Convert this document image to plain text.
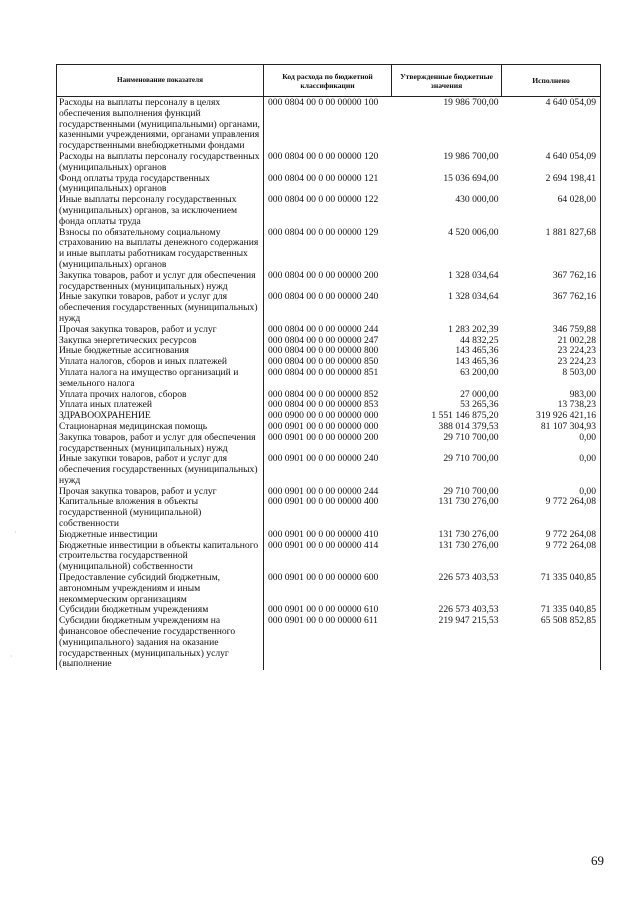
Наименование показателя	Код расхода по бюджетной классификации	Утвержденные бюджетные значения	Исполнено
Расходы на выплаты персоналу в целях обеспечения выполнения функций государственными (муниципальными) органами, казенными учреждениями, органами управления государственными внебюджетными фондами	000 0804 00 0 00 00000 100	19 986 700,00	4 640 054,09
Расходы на выплаты персоналу государственных (муниципальных) органов	000 0804 00 0 00 00000 120	19 986 700,00	4 640 054,09
Фонд оплаты труда государственных (муниципальных) органов	000 0804 00 0 00 00000 121	15 036 694,00	2 694 198,41
Иные выплаты персоналу государственных (муниципальных) органов, за исключением фонда оплаты труда	000 0804 00 0 00 00000 122	430 000,00	64 028,00
Взносы по обязательному социальному страхованию на выплаты денежного содержания и иные выплаты работникам государственных (муниципальных) органов	000 0804 00 0 00 00000 129	4 520 006,00	1 881 827,68
Закупка товаров, работ и услуг для обеспечения государственных (муниципальных) нужд	000 0804 00 0 00 00000 200	1 328 034,64	367 762,16
Иные закупки товаров, работ и услуг для обеспечения государственных (муниципальных) нужд	000 0804 00 0 00 00000 240	1 328 034,64	367 762,16
Прочая закупка товаров, работ и услуг	000 0804 00 0 00 00000 244	1 283 202,39	346 759,88
Закупка энергетических ресурсов	000 0804 00 0 00 00000 247	44 832,25	21 002,28
Иные бюджетные ассигнования	000 0804 00 0 00 00000 800	143 465,36	23 224,23
Уплата налогов, сборов и иных платежей	000 0804 00 0 00 00000 850	143 465,36	23 224,23
Уплата налога на имущество организаций и земельного налога	000 0804 00 0 00 00000 851	63 200,00	8 503,00
Уплата прочих налогов, сборов	000 0804 00 0 00 00000 852	27 000,00	983,00
Уплата иных платежей	000 0804 00 0 00 00000 853	53 265,36	13 738,23
ЗДРАВООХРАНЕНИЕ	000 0900 00 0 00 00000 000	1 551 146 875,20	319 926 421,16
Стационарная медицинская помощь	000 0901 00 0 00 00000 000	388 014 379,53	81 107 304,93
Закупка товаров, работ и услуг для обеспечения государственных (муниципальных) нужд	000 0901 00 0 00 00000 200	29 710 700,00	0,00
Иные закупки товаров, работ и услуг для обеспечения государственных (муниципальных) нужд	000 0901 00 0 00 00000 240	29 710 700,00	0,00
Прочая закупка товаров, работ и услуг	000 0901 00 0 00 00000 244	29 710 700,00	0,00
Капитальные вложения в объекты государственной (муниципальной) собственности	000 0901 00 0 00 00000 400	131 730 276,00	9 772 264,08
Бюджетные инвестиции	000 0901 00 0 00 00000 410	131 730 276,00	9 772 264,08
Бюджетные инвестиции в объекты капитального строительства государственной (муниципальной) собственности	000 0901 00 0 00 00000 414	131 730 276,00	9 772 264,08
Предоставление субсидий бюджетным, автономным учреждениям и иным некоммерческим организациям	000 0901 00 0 00 00000 600	226 573 403,53	71 335 040,85
Субсидии бюджетным учреждениям	000 0901 00 0 00 00000 610	226 573 403,53	71 335 040,85
Субсидии бюджетным учреждениям на финансовое обеспечение государственного (муниципального) задания на оказание государственных (муниципальных) услуг (выполнение	000 0901 00 0 00 00000 611	219 947 215,53	65 508 852,85
69
·
·
